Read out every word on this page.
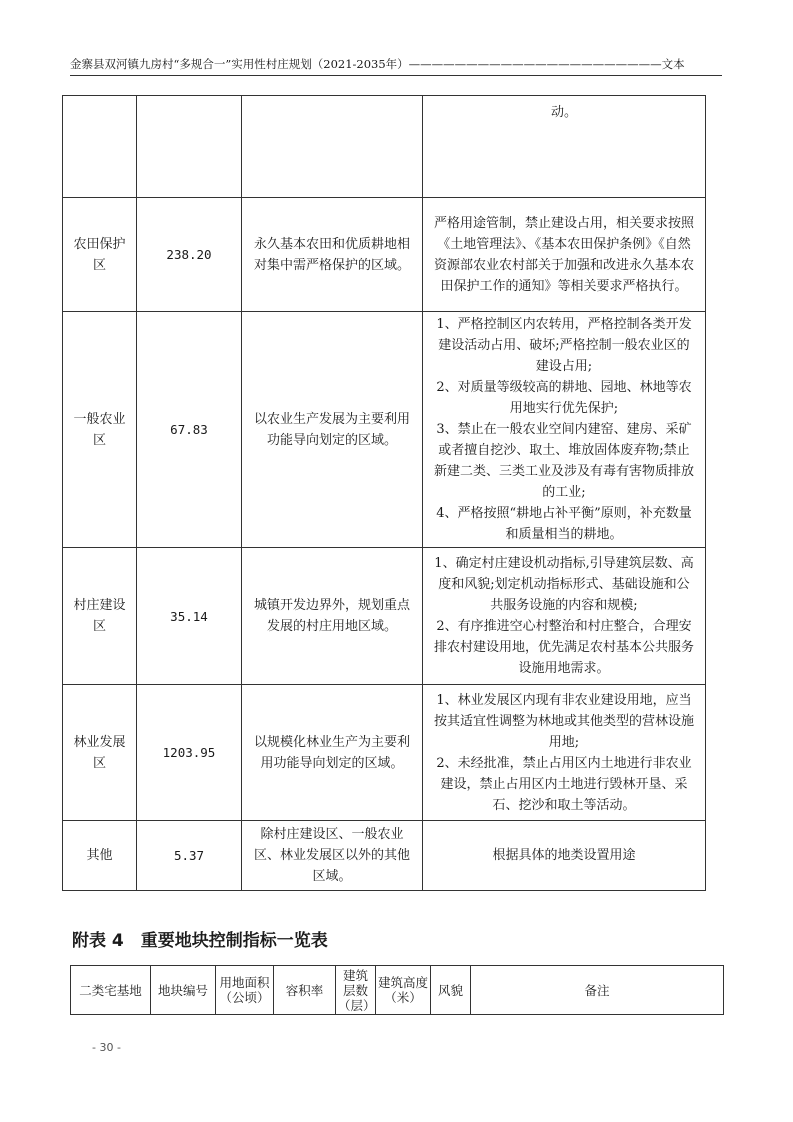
金寨县双河镇九房村“多规合一”实用性村庄规划（2021-2035年）——————————————————————文本
			动。
农田保护区	238.20	永久基本农田和优质耕地相对集中需严格保护的区域。	严格用途管制，禁止建设占用，相关要求按照《土地管理法》、《基本农田保护条例》《自然资源部农业农村部关于加强和改进永久基本农田保护工作的通知》等相关要求严格执行。
一般农业区	67.83	以农业生产发展为主要利用功能导向划定的区域。	1、严格控制区内农转用，严格控制各类开发建设活动占用、破坏;严格控制一般农业区的建设占用;
2、对质量等级较高的耕地、园地、林地等农用地实行优先保护;
3、禁止在一般农业空间内建窑、建房、采矿或者擅自挖沙、取土、堆放固体废弃物;禁止新建二类、三类工业及涉及有毒有害物质排放的工业;
4、严格按照“耕地占补平衡”原则，补充数量和质量相当的耕地。
村庄建设区	35.14	城镇开发边界外，规划重点发展的村庄用地区域。	1、确定村庄建设机动指标,引导建筑层数、高度和风貌;划定机动指标形式、基础设施和公共服务设施的内容和规模;
2、有序推进空心村整治和村庄整合，合理安排农村建设用地，优先满足农村基本公共服务设施用地需求。
林业发展区	1203.95	以规模化林业生产为主要利用功能导向划定的区域。	1、林业发展区内现有非农业建设用地，应当按其适宜性调整为林地或其他类型的营林设施用地;
2、未经批准，禁止占用区内土地进行非农业建设，禁止占用区内土地进行毁林开垦、采石、挖沙和取土等活动。
其他	5.37	除村庄建设区、一般农业区、林业发展区以外的其他区域。	根据具体的地类设置用途
附表 4　重要地块控制指标一览表
二类宅基地	地块编号	用地面积（公顷）	容积率	建筑层数（层）	建筑高度（米）	风貌	备注
- 30 -
